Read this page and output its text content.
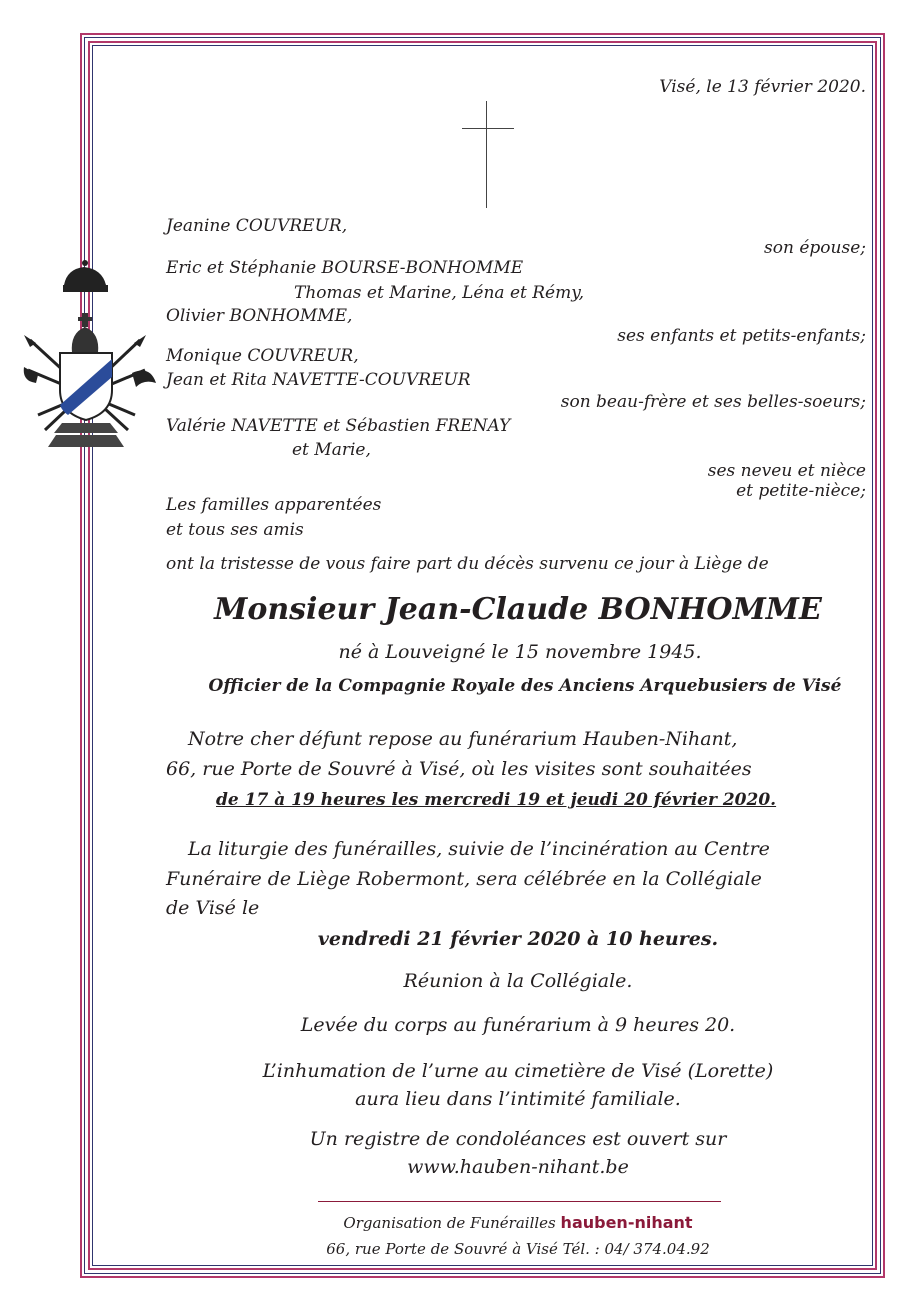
Visé, le 13 février 2020.
Jeanine COUVREUR,
son épouse;
Eric et Stéphanie BOURSE-BONHOMME
Thomas et Marine, Léna et Rémy,
Olivier BONHOMME,
ses enfants et petits-enfants;
Monique COUVREUR,
Jean et Rita NAVETTE-COUVREUR
son beau-frère et ses belles-soeurs;
Valérie NAVETTE et Sébastien FRENAY
et Marie,
ses neveu et nièce
et petite-nièce;
Les familles apparentées
et tous ses amis
ont la tristesse de vous faire part du décès survenu ce jour à Liège de
Monsieur Jean-Claude BONHOMME
né à Louveigné le 15 novembre 1945.
Officier de la Compagnie Royale des Anciens Arquebusiers de Visé
Notre cher défunt repose au funérarium Hauben-Nihant,
66, rue Porte de Souvré à Visé, où les visites sont souhaitées
de 17 à 19 heures les mercredi 19 et jeudi 20 février 2020.
La liturgie des funérailles, suivie de l’incinération au Centre
Funéraire de Liège Robermont, sera célébrée en la Collégiale
de Visé le
vendredi 21 février 2020 à 10 heures.
Réunion à la Collégiale.
Levée du corps au funérarium à 9 heures 20.
L’inhumation de l’urne au cimetière de Visé (Lorette)
aura lieu dans l’intimité familiale.
Un registre de condoléances est ouvert sur
www.hauben-nihant.be
Organisation de Funérailles hauben-nihant
66, rue Porte de Souvré à Visé Tél. : 04/ 374.04.92
